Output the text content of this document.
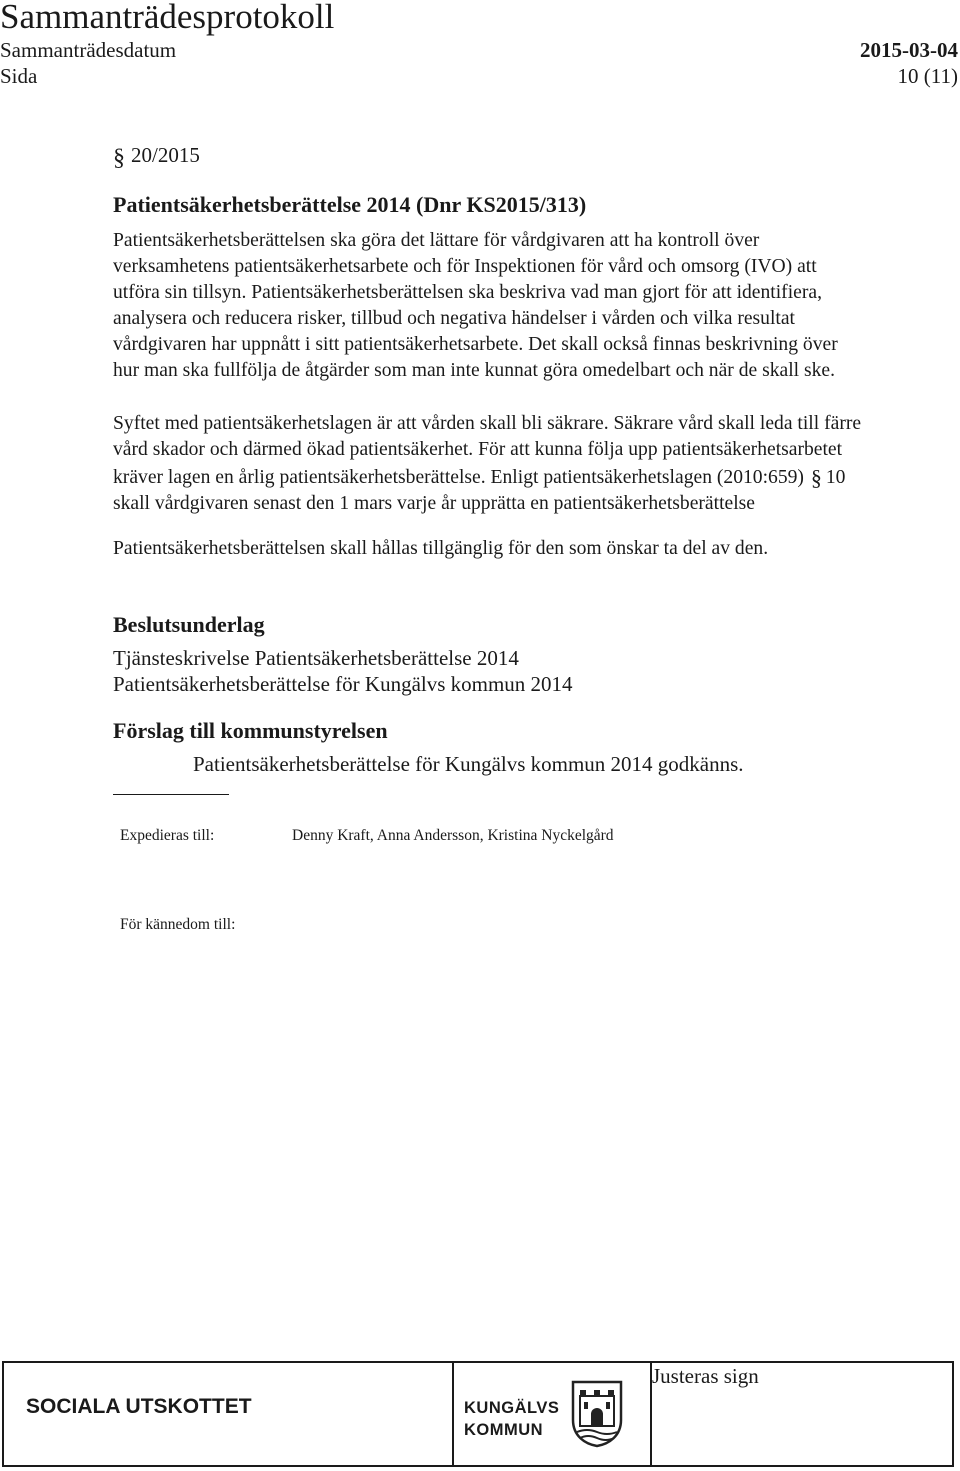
Sammanträdesprotokoll
Sammanträdesdatum	2015-03-04
Sida	10 (11)
§ 20/2015
Patientsäkerhetsberättelse 2014 (Dnr KS2015/313)
Patientsäkerhetsberättelsen ska göra det lättare för vårdgivaren att ha kontroll över
verksamhetens patientsäkerhetsarbete och för Inspektionen för vård och omsorg (IVO) att
utföra sin tillsyn. Patientsäkerhetsberättelsen ska beskriva vad man gjort för att identifiera,
analysera och reducera risker, tillbud och negativa händelser i vården och vilka resultat
vårdgivaren har uppnått i sitt patientsäkerhetsarbete. Det skall också finnas beskrivning över
hur man ska fullfölja de åtgärder som man inte kunnat göra omedelbart och när de skall ske.
Syftet med patientsäkerhetslagen är att vården skall bli säkrare. Säkrare vård skall leda till färre
vård skador och därmed ökad patientsäkerhet. För att kunna följa upp patientsäkerhetsarbetet
kräver lagen en årlig patientsäkerhetsberättelse. Enligt patientsäkerhetslagen (2010:659) § 10
skall vårdgivaren senast den 1 mars varje år upprätta en patientsäkerhetsberättelse
Patientsäkerhetsberättelsen skall hållas tillgänglig för den som önskar ta del av den.
Beslutsunderlag
Tjänsteskrivelse Patientsäkerhetsberättelse 2014
Patientsäkerhetsberättelse för Kungälvs kommun 2014
Förslag till kommunstyrelsen
Patientsäkerhetsberättelse för Kungälvs kommun 2014 godkänns.
Expedieras till:	Denny Kraft, Anna Andersson, Kristina Nyckelgård
För kännedom till:
SOCIALA UTSKOTTET	KUNGÄLVS
KOMMUN
Justeras sign
